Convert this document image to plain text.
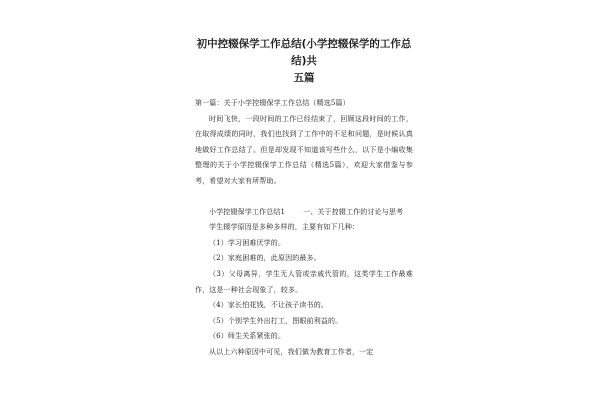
初中控辍保学工作总结(小学控辍保学的工作总结)共
五篇
第一篇：关于小学控辍保学工作总结（精选5篇）

时间飞快，一段时间的工作已经结束了，回顾这段时间的工作，在取得成绩的同时，我们也找到了工作中的不足和问题，是时候认真地做好工作总结了。但是却发现不知道该写些什么，以下是小编收集整理的关于小学控辍保学工作总结（精选5篇），欢迎大家借鉴与参考，希望对大家有所帮助。

小学控辍保学工作总结1	一、关于控辍工作的讨论与思考

学生辍学原因是多种多样的，主要有如下几种：

（1）学习困难厌学的。

（2）家庭困难的，此原因的最多。

（3）父母离异，学生无人管或亲戚代管的，这类学生工作最难作，这是一种社会现象了，较多。

（4）家长怕花钱，不让孩子读书的。

（5）个别学生外出打工，图眼前利益的。

（6）师生关系紧张的。

从以上六种原因中可见，我们做为教育工作者，一定
